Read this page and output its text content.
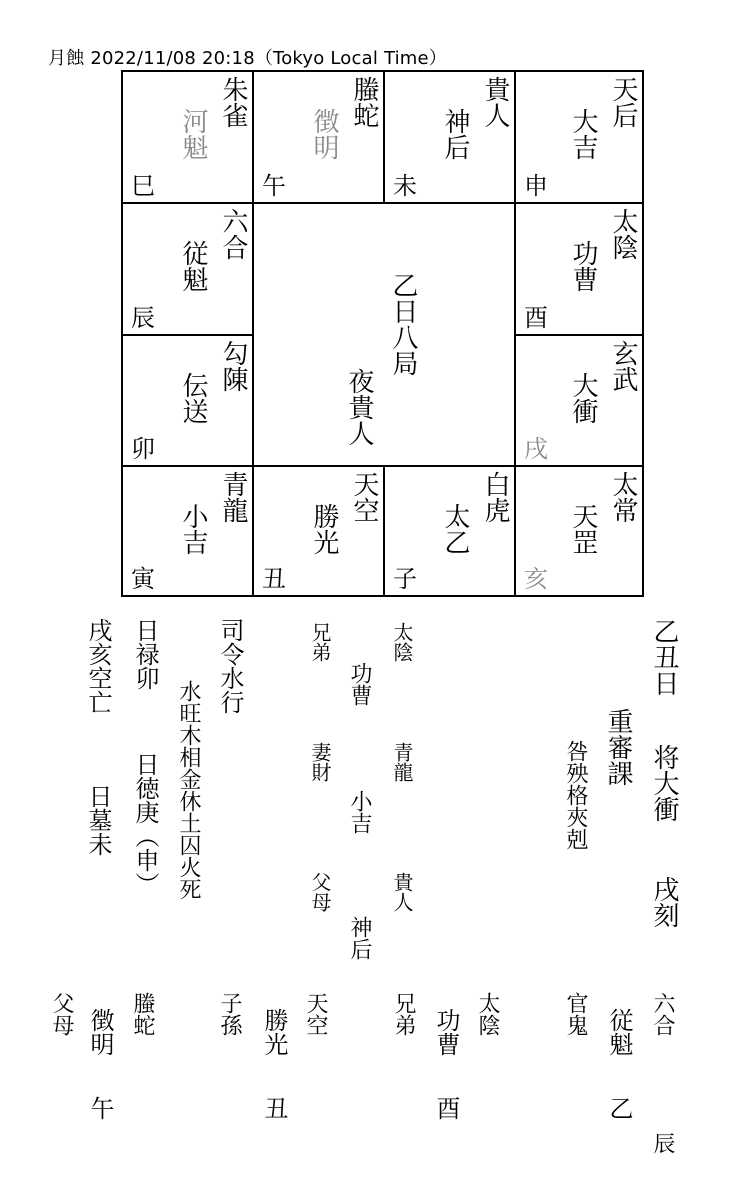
月蝕 2022/11/08 20:18（Tokyo Local Time）
朱雀
河魁
巳
螣蛇
徴明
午
貴人
神后
未
天后
大吉
申
六合
従魁
辰
勾陳
伝送
卯
太陰
功曹
酉
玄武
大衝
戌
青龍
小吉
寅
天空
勝光
丑
白虎
太乙
子
太常
天罡
亥
乙日八局
夜貴人
乙丑日
将大衝
戌刻
重審課
咎殃格夾剋
太陰
功曹
兄弟
青龍
小吉
妻財
貴人
神后
父母
司令水行
水旺木相金休土囚火死
日禄卯
日徳庚（申）
戌亥空亡
日墓未
六合
従魁
乙
官鬼
辰
太陰
功曹
酉
兄弟
天空
勝光
丑
子孫
螣蛇
徴明
午
父母
